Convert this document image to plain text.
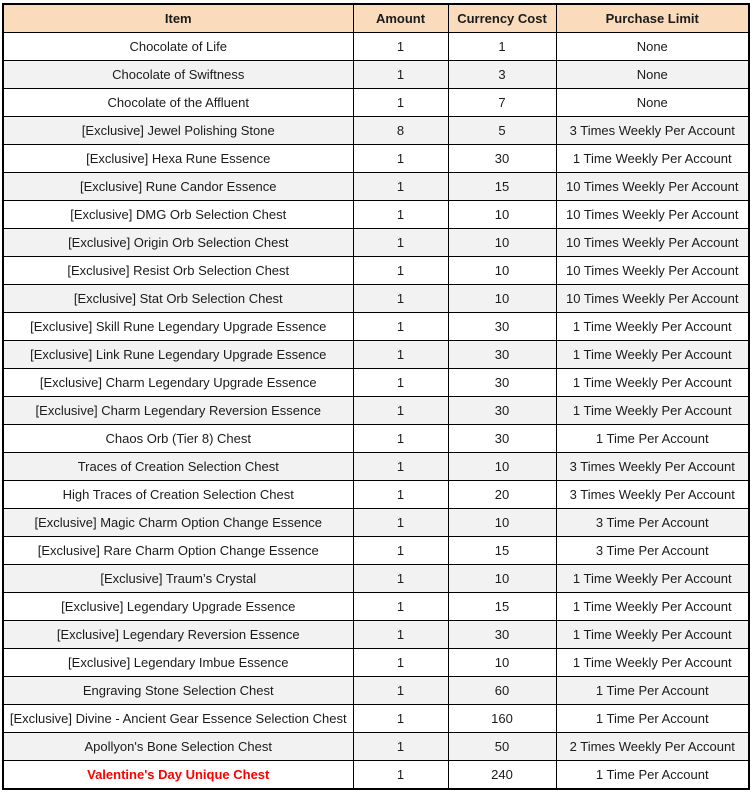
Item	Amount	Currency Cost	Purchase Limit
Chocolate of Life	1	1	None
Chocolate of Swiftness	1	3	None
Chocolate of the Affluent	1	7	None
[Exclusive] Jewel Polishing Stone	8	5	3 Times Weekly Per Account
[Exclusive] Hexa Rune Essence	1	30	1 Time Weekly Per Account
[Exclusive] Rune Candor Essence	1	15	10 Times Weekly Per Account
[Exclusive] DMG Orb Selection Chest	1	10	10 Times Weekly Per Account
[Exclusive] Origin Orb Selection Chest	1	10	10 Times Weekly Per Account
[Exclusive] Resist Orb Selection Chest	1	10	10 Times Weekly Per Account
[Exclusive] Stat Orb Selection Chest	1	10	10 Times Weekly Per Account
[Exclusive] Skill Rune Legendary Upgrade Essence	1	30	1 Time Weekly Per Account
[Exclusive] Link Rune Legendary Upgrade Essence	1	30	1 Time Weekly Per Account
[Exclusive] Charm Legendary Upgrade Essence	1	30	1 Time Weekly Per Account
[Exclusive] Charm Legendary Reversion Essence	1	30	1 Time Weekly Per Account
Chaos Orb (Tier 8) Chest	1	30	1 Time Per Account
Traces of Creation Selection Chest	1	10	3 Times Weekly Per Account
High Traces of Creation Selection Chest	1	20	3 Times Weekly Per Account
[Exclusive] Magic Charm Option Change Essence	1	10	3 Time Per Account
[Exclusive] Rare Charm Option Change Essence	1	15	3 Time Per Account
[Exclusive] Traum’s Crystal	1	10	1 Time Weekly Per Account
[Exclusive] Legendary Upgrade Essence	1	15	1 Time Weekly Per Account
[Exclusive] Legendary Reversion Essence	1	30	1 Time Weekly Per Account
[Exclusive] Legendary Imbue Essence	1	10	1 Time Weekly Per Account
Engraving Stone Selection Chest	1	60	1 Time Per Account
[Exclusive] Divine - Ancient Gear Essence Selection Chest	1	160	1 Time Per Account
Apollyon's Bone Selection Chest	1	50	2 Times Weekly Per Account
Valentine's Day Unique Chest	1	240	1 Time Per Account
